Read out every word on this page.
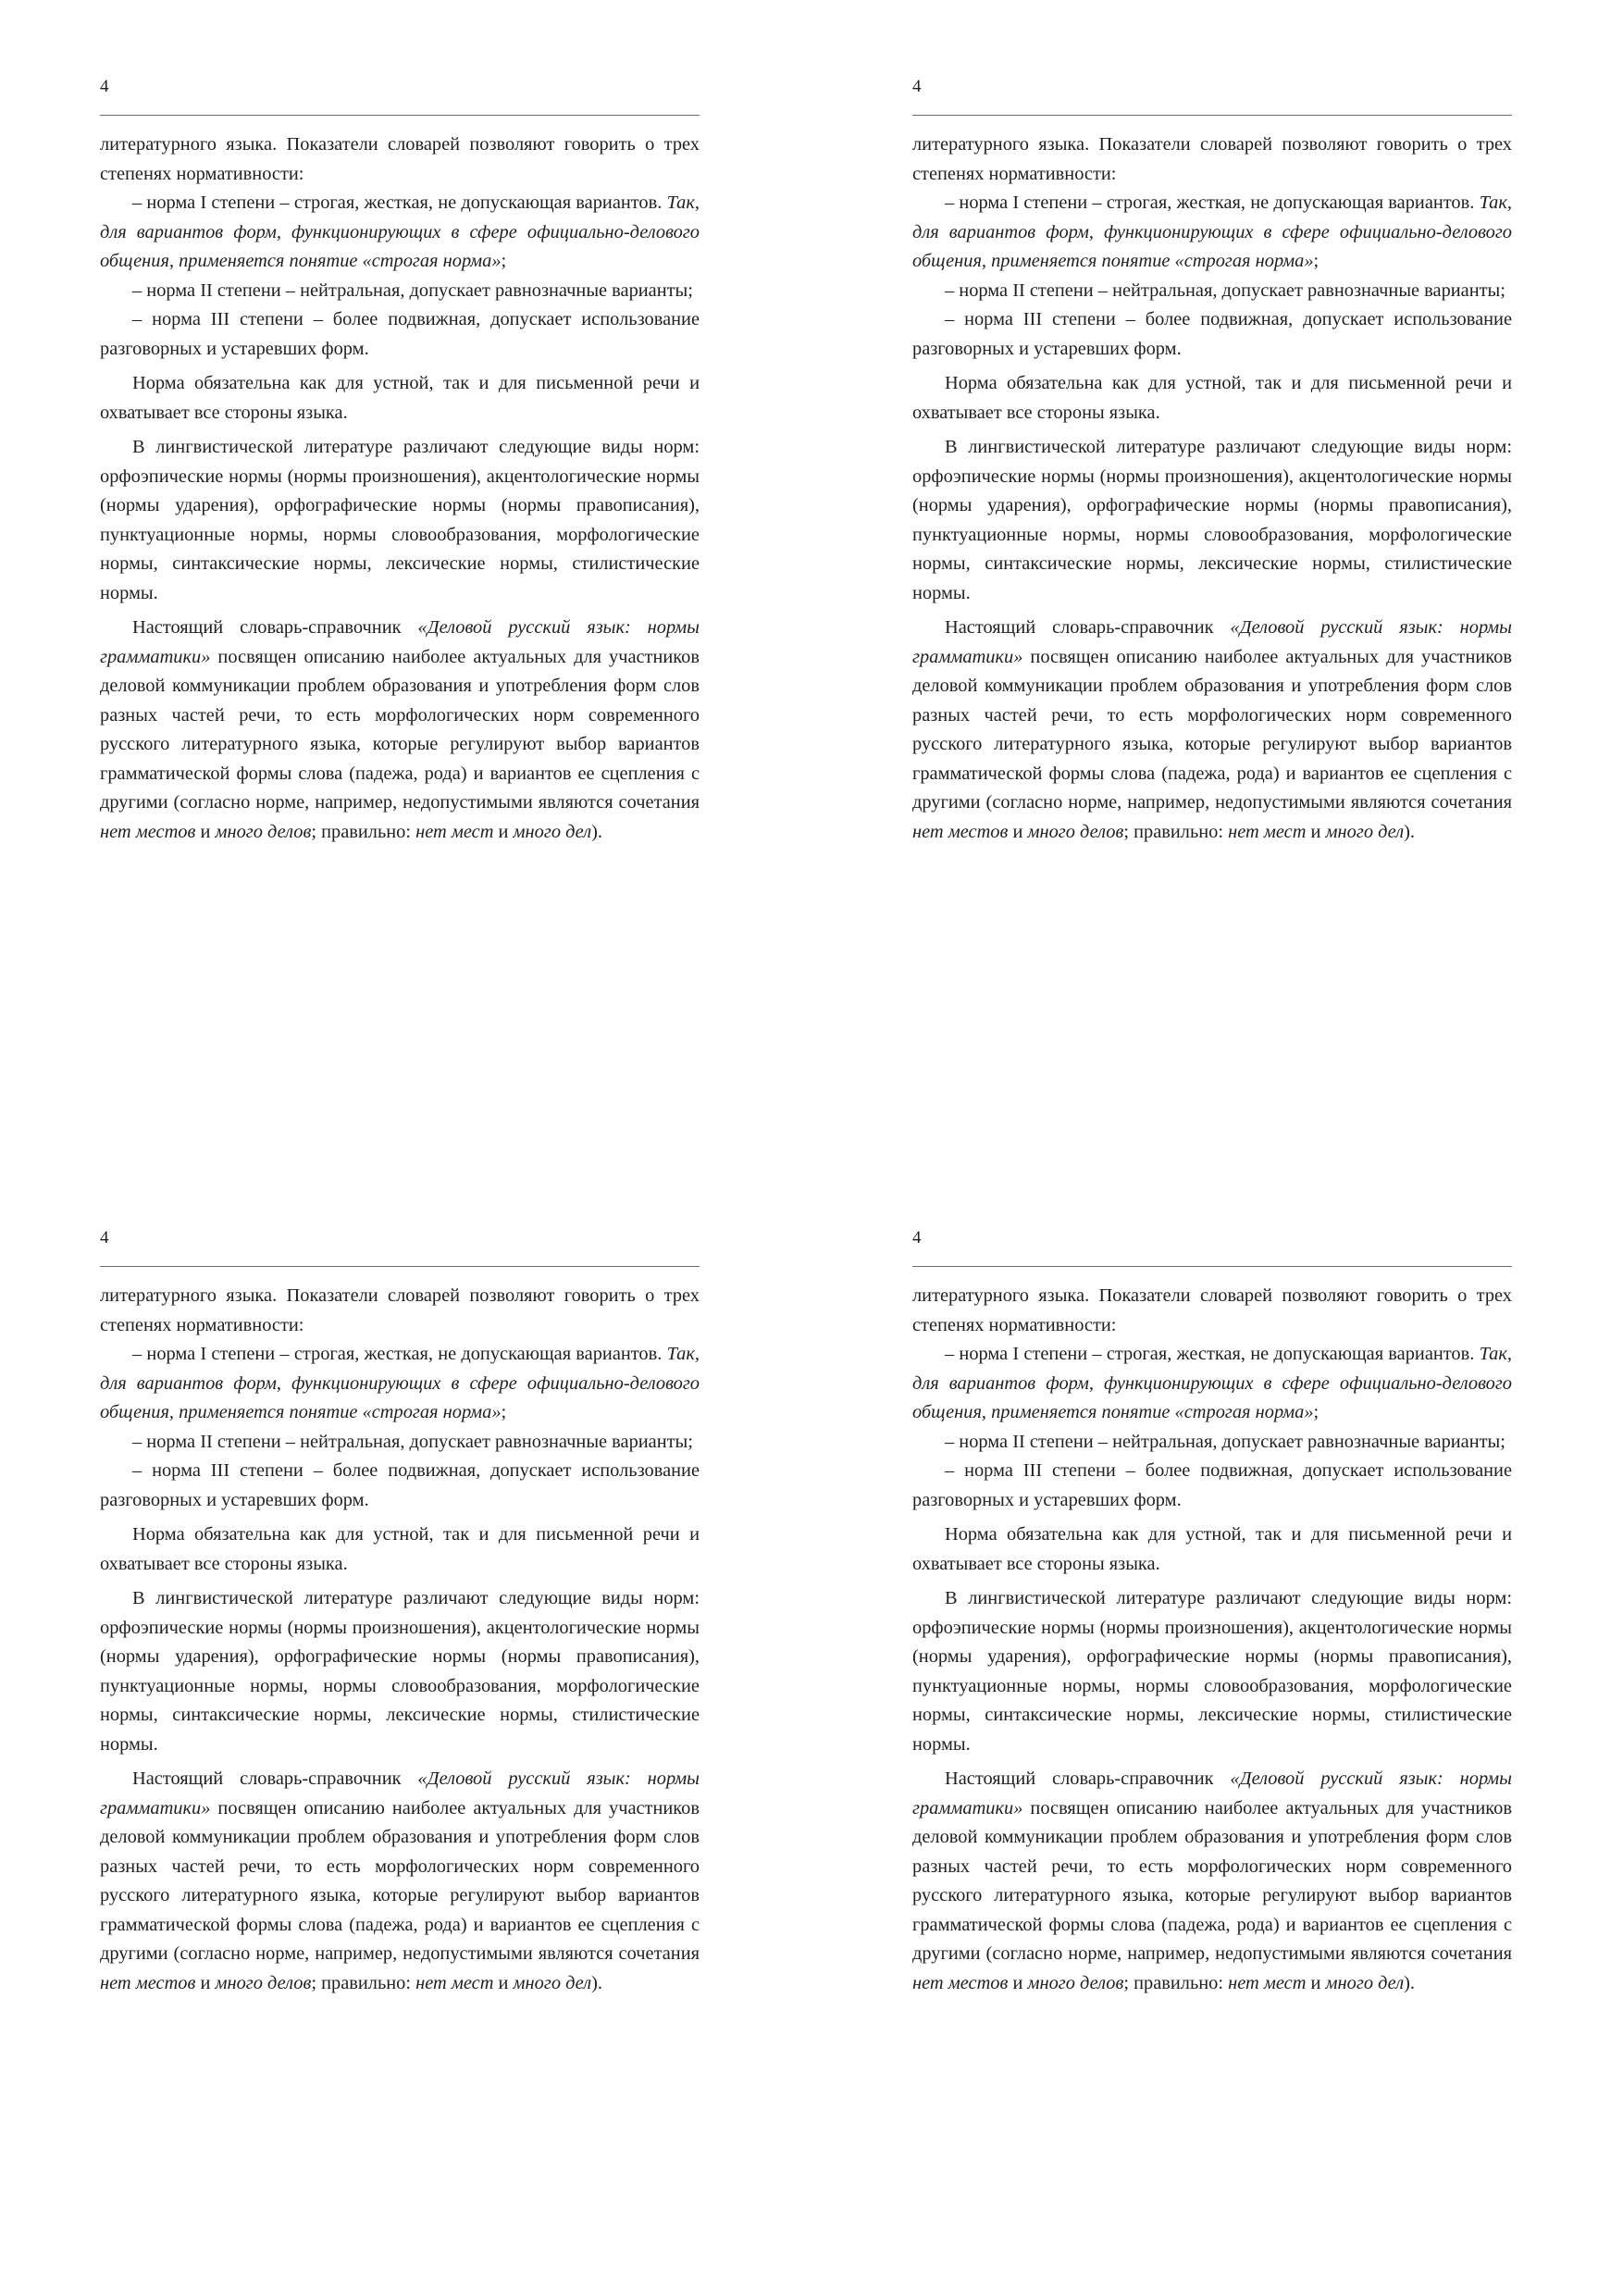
4

литературного языка. Показатели словарей позволяют говорить о трех степенях нормативности:

– норма I степени – строгая, жесткая, не допускающая вариантов. Так, для вариантов форм, функционирующих в сфере официально-делового общения, применяется понятие «строгая норма»;

– норма II степени – нейтральная, допускает равнозначные варианты;

– норма III степени – более подвижная, допускает использование разговорных и устаревших форм.

Норма обязательна как для устной, так и для письменной речи и охватывает все стороны языка.

В лингвистической литературе различают следующие виды норм: орфоэпические нормы (нормы произношения), акцентологические нормы (нормы ударения), орфографические нормы (нормы правописания), пунктуационные нормы, нормы словообразования, морфологические нормы, синтаксические нормы, лексические нормы, стилистические нормы.

Настоящий словарь-справочник «Деловой русский язык: нормы грамматики» посвящен описанию наиболее актуальных для участников деловой коммуникации проблем образования и употребления форм слов разных частей речи, то есть морфологических норм современного русского литературного языка, которые регулируют выбор вариантов грамматической формы слова (падежа, рода) и вариантов ее сцепления с другими (согласно норме, например, недопустимыми являются сочетания нет местов и много делов; правильно: нет мест и много дел).

4

литературного языка. Показатели словарей позволяют говорить о трех степенях нормативности:

– норма I степени – строгая, жесткая, не допускающая вариантов. Так, для вариантов форм, функционирующих в сфере официально-делового общения, применяется понятие «строгая норма»;

– норма II степени – нейтральная, допускает равнозначные варианты;

– норма III степени – более подвижная, допускает использование разговорных и устаревших форм.

Норма обязательна как для устной, так и для письменной речи и охватывает все стороны языка.

В лингвистической литературе различают следующие виды норм: орфоэпические нормы (нормы произношения), акцентологические нормы (нормы ударения), орфографические нормы (нормы правописания), пунктуационные нормы, нормы словообразования, морфологические нормы, синтаксические нормы, лексические нормы, стилистические нормы.

Настоящий словарь-справочник «Деловой русский язык: нормы грамматики» посвящен описанию наиболее актуальных для участников деловой коммуникации проблем образования и употребления форм слов разных частей речи, то есть морфологических норм современного русского литературного языка, которые регулируют выбор вариантов грамматической формы слова (падежа, рода) и вариантов ее сцепления с другими (согласно норме, например, недопустимыми являются сочетания нет местов и много делов; правильно: нет мест и много дел).

4

литературного языка. Показатели словарей позволяют говорить о трех степенях нормативности:

– норма I степени – строгая, жесткая, не допускающая вариантов. Так, для вариантов форм, функционирующих в сфере официально-делового общения, применяется понятие «строгая норма»;

– норма II степени – нейтральная, допускает равнозначные варианты;

– норма III степени – более подвижная, допускает использование разговорных и устаревших форм.

Норма обязательна как для устной, так и для письменной речи и охватывает все стороны языка.

В лингвистической литературе различают следующие виды норм: орфоэпические нормы (нормы произношения), акцентологические нормы (нормы ударения), орфографические нормы (нормы правописания), пунктуационные нормы, нормы словообразования, морфологические нормы, синтаксические нормы, лексические нормы, стилистические нормы.

Настоящий словарь-справочник «Деловой русский язык: нормы грамматики» посвящен описанию наиболее актуальных для участников деловой коммуникации проблем образования и употребления форм слов разных частей речи, то есть морфологических норм современного русского литературного языка, которые регулируют выбор вариантов грамматической формы слова (падежа, рода) и вариантов ее сцепления с другими (согласно норме, например, недопустимыми являются сочетания нет местов и много делов; правильно: нет мест и много дел).

4

литературного языка. Показатели словарей позволяют говорить о трех степенях нормативности:

– норма I степени – строгая, жесткая, не допускающая вариантов. Так, для вариантов форм, функционирующих в сфере официально-делового общения, применяется понятие «строгая норма»;

– норма II степени – нейтральная, допускает равнозначные варианты;

– норма III степени – более подвижная, допускает использование разговорных и устаревших форм.

Норма обязательна как для устной, так и для письменной речи и охватывает все стороны языка.

В лингвистической литературе различают следующие виды норм: орфоэпические нормы (нормы произношения), акцентологические нормы (нормы ударения), орфографические нормы (нормы правописания), пунктуационные нормы, нормы словообразования, морфологические нормы, синтаксические нормы, лексические нормы, стилистические нормы.

Настоящий словарь-справочник «Деловой русский язык: нормы грамматики» посвящен описанию наиболее актуальных для участников деловой коммуникации проблем образования и употребления форм слов разных частей речи, то есть морфологических норм современного русского литературного языка, которые регулируют выбор вариантов грамматической формы слова (падежа, рода) и вариантов ее сцепления с другими (согласно норме, например, недопустимыми являются сочетания нет местов и много делов; правильно: нет мест и много дел).
